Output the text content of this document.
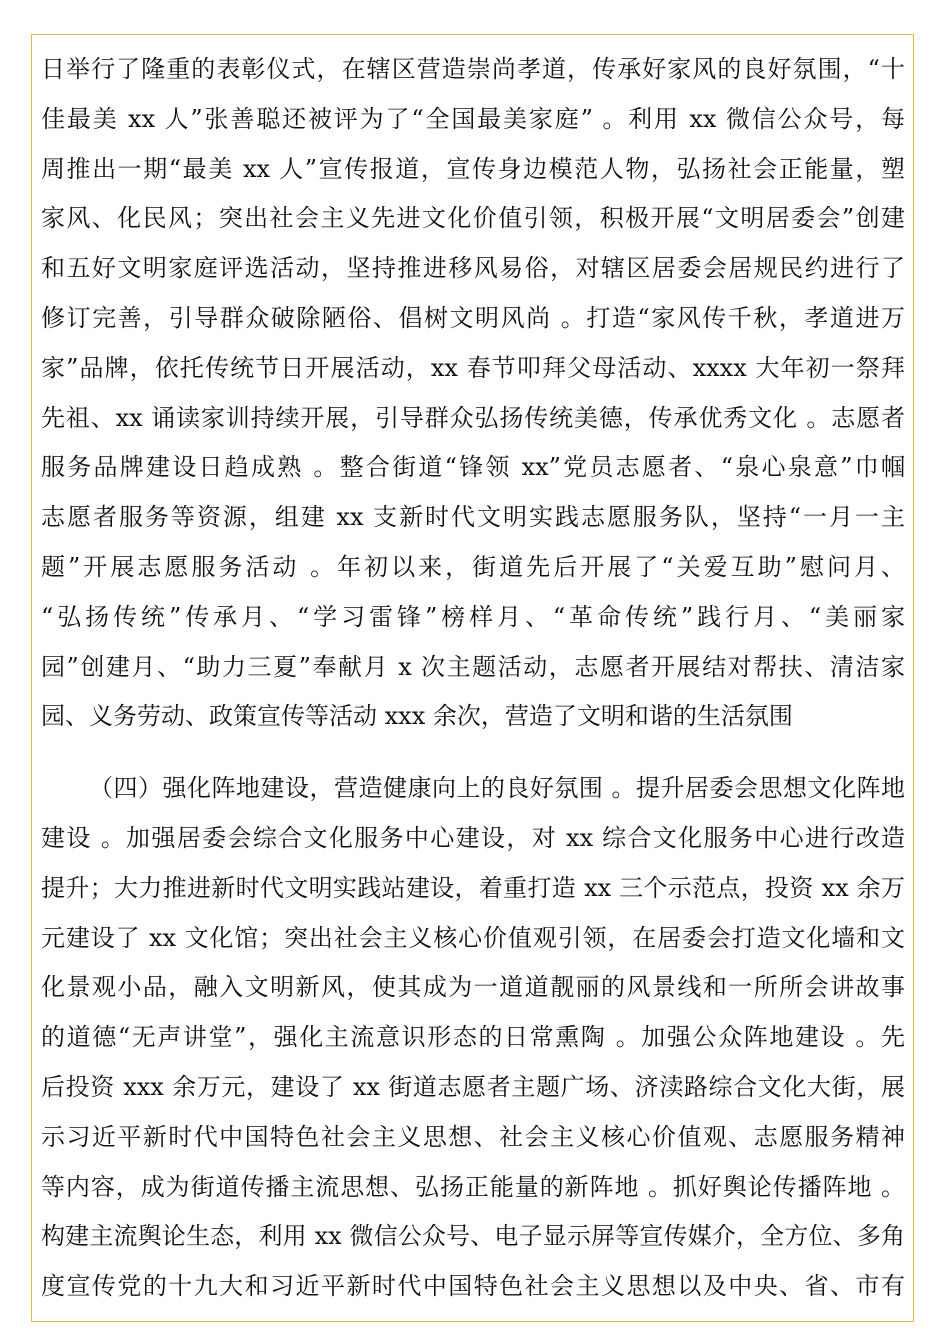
日举行了隆重的表彰仪式，在辖区营造崇尚孝道，传承好家风的良好氛围，“十
佳最美 xx 人”张善聪还被评为了“全国最美家庭” 。利用 xx 微信公众号，每
周推出一期“最美 xx 人”宣传报道，宣传身边模范人物，弘扬社会正能量，塑
家风、化民风；突出社会主义先进文化价值引领，积极开展“文明居委会”创建
和五好文明家庭评选活动，坚持推进移风易俗，对辖区居委会居规民约进行了
修订完善，引导群众破除陋俗、倡树文明风尚 。打造“家风传千秋，孝道进万
家”品牌，依托传统节日开展活动，xx 春节叩拜父母活动、xxxx 大年初一祭拜
先祖、xx 诵读家训持续开展，引导群众弘扬传统美德，传承优秀文化 。志愿者
服务品牌建设日趋成熟 。整合街道“锋领 xx”党员志愿者、“泉心泉意”巾帼
志愿者服务等资源，组建 xx 支新时代文明实践志愿服务队，坚持“一月一主
题”开展志愿服务活动 。年初以来，街道先后开展了“关爱互助”慰问月、
“弘扬传统”传承月、“学习雷锋”榜样月、“革命传统”践行月、“美丽家
园”创建月、“助力三夏”奉献月 x 次主题活动，志愿者开展结对帮扶、清洁家
园、义务劳动、政策宣传等活动 xxx 余次，营造了文明和谐的生活氛围
（四）强化阵地建设，营造健康向上的良好氛围 。提升居委会思想文化阵地
建设 。加强居委会综合文化服务中心建设，对 xx 综合文化服务中心进行改造
提升；大力推进新时代文明实践站建设，着重打造 xx 三个示范点，投资 xx 余万
元建设了 xx 文化馆；突出社会主义核心价值观引领，在居委会打造文化墙和文
化景观小品，融入文明新风，使其成为一道道靓丽的风景线和一所所会讲故事
的道德“无声讲堂”，强化主流意识形态的日常熏陶 。加强公众阵地建设 。先
后投资 xxx 余万元，建设了 xx 街道志愿者主题广场、济渎路综合文化大街，展
示习近平新时代中国特色社会主义思想、社会主义核心价值观、志愿服务精神
等内容，成为街道传播主流思想、弘扬正能量的新阵地 。抓好舆论传播阵地 。
构建主流舆论生态，利用 xx 微信公众号、电子显示屏等宣传媒介，全方位、多角
度宣传党的十九大和习近平新时代中国特色社会主义思想以及中央、省、市有
